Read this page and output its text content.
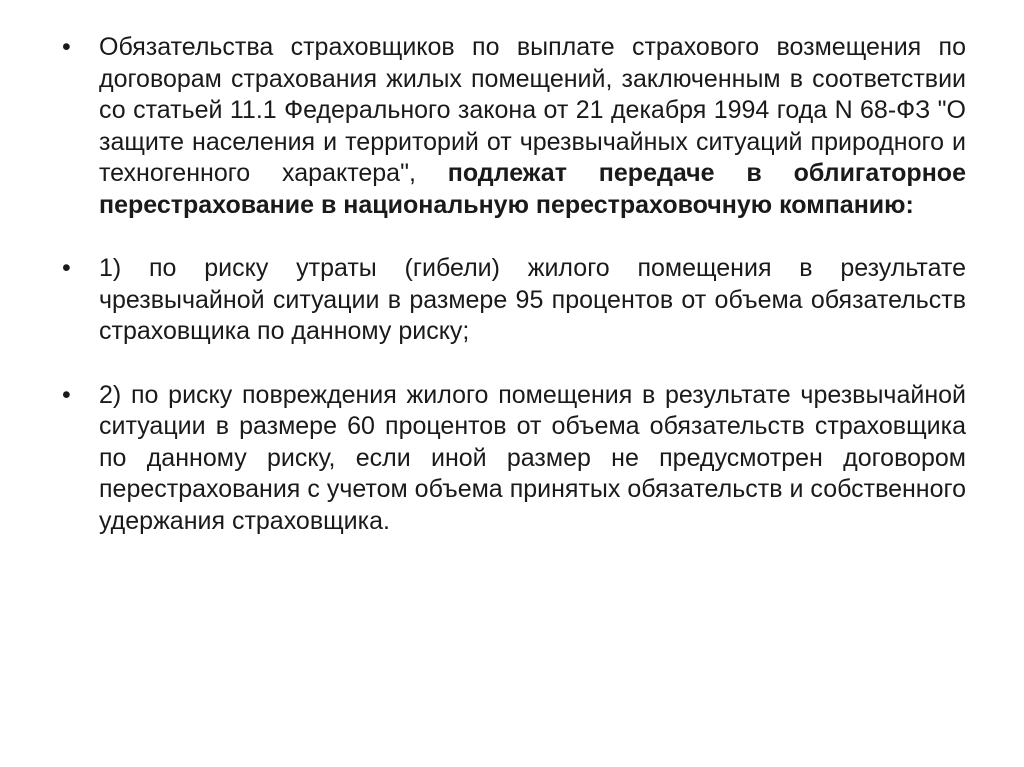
•	Обязательства страховщиков по выплате страхового возмещения по договорам страхования жилых помещений, заключенным в соответствии со статьей 11.1 Федерального закона от 21 декабря 1994 года N 68-ФЗ "О защите населения и территорий от чрезвычайных ситуаций природного и техногенного характера", подлежат передаче в облигаторное перестрахование в национальную перестраховочную компанию:
•	1) по риску утраты (гибели) жилого помещения в результате чрезвычайной ситуации в размере 95 процентов от объема обязательств страховщика по данному риску;
•	2) по риску повреждения жилого помещения в результате чрезвычайной ситуации в размере 60 процентов от объема обязательств страховщика по данному риску, если иной размер не предусмотрен договором перестрахования с учетом объема принятых обязательств и собственного удержания страховщика.
